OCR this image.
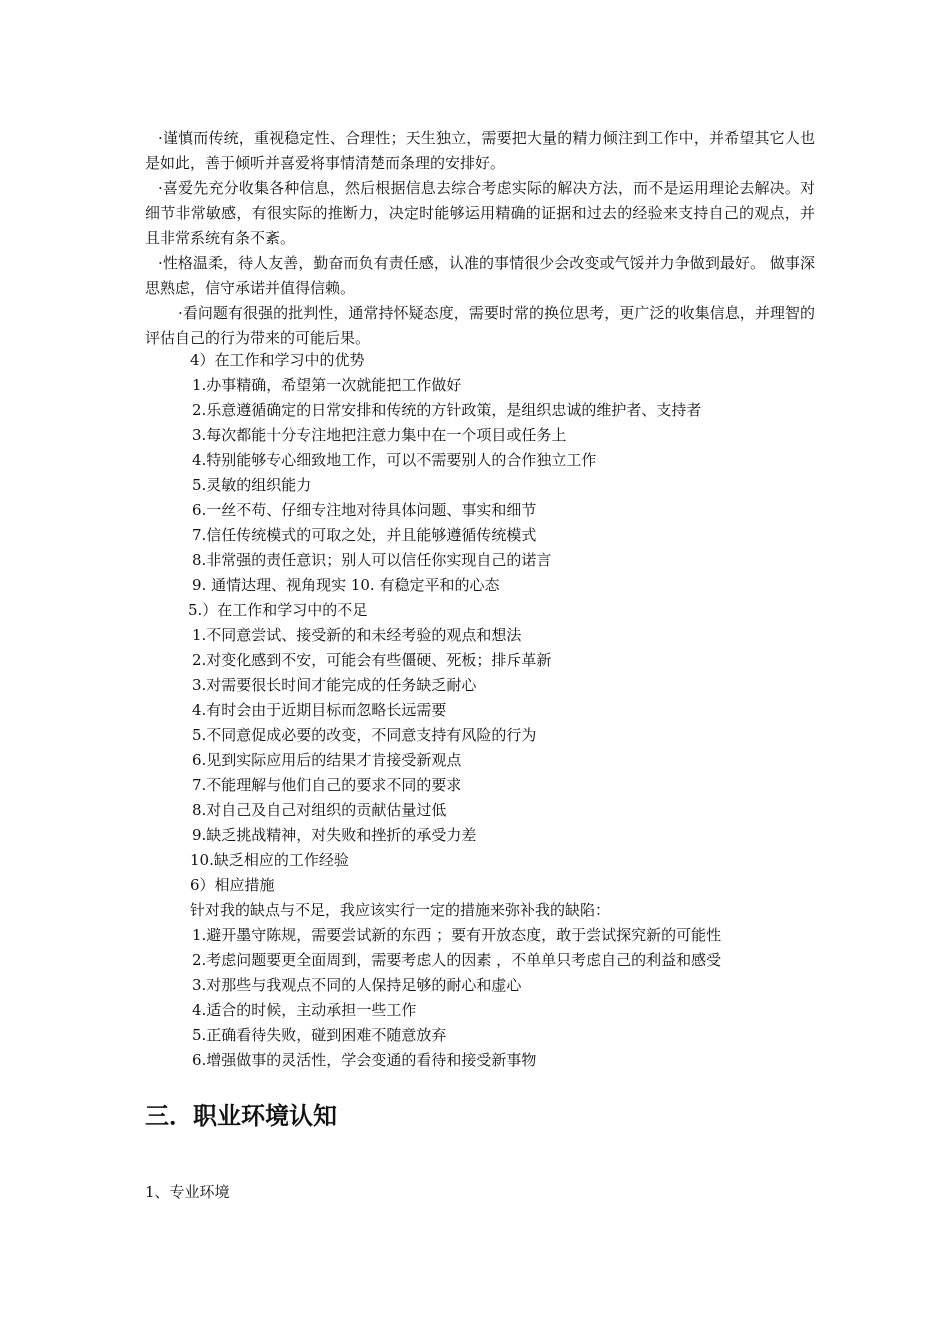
·谨慎而传统，重视稳定性、合理性；天生独立，需要把大量的精力倾注到工作中，并希望其它人也是如此，善于倾听并喜爱将事情清楚而条理的安排好。

·喜爱先充分收集各种信息，然后根据信息去综合考虑实际的解决方法，而不是运用理论去解决。对细节非常敏感，有很实际的推断力，决定时能够运用精确的证据和过去的经验来支持自己的观点，并且非常系统有条不紊。

·性格温柔，待人友善，勤奋而负有责任感，认准的事情很少会改变或气馁并力争做到最好。 做事深思熟虑，信守承诺并值得信赖。

·看问题有很强的批判性，通常持怀疑态度，需要时常的换位思考，更广泛的收集信息，并理智的评估自己的行为带来的可能后果。

4）在工作和学习中的优势

1.办事精确，希望第一次就能把工作做好

2.乐意遵循确定的日常安排和传统的方针政策，是组织忠诚的维护者、支持者

3.每次都能十分专注地把注意力集中在一个项目或任务上

4.特别能够专心细致地工作，可以不需要别人的合作独立工作

5.灵敏的组织能力

6.一丝不苟、仔细专注地对待具体问题、事实和细节

7.信任传统模式的可取之处，并且能够遵循传统模式

8.非常强的责任意识；别人可以信任你实现自己的诺言

9. 通情达理、视角现实 10. 有稳定平和的心态

5.）在工作和学习中的不足

1.不同意尝试、接受新的和未经考验的观点和想法

2.对变化感到不安，可能会有些僵硬、死板；排斥革新

3.对需要很长时间才能完成的任务缺乏耐心

4.有时会由于近期目标而忽略长远需要

5.不同意促成必要的改变，不同意支持有风险的行为

6.见到实际应用后的结果才肯接受新观点

7.不能理解与他们自己的要求不同的要求

8.对自己及自己对组织的贡献估量过低

9.缺乏挑战精神，对失败和挫折的承受力差

10.缺乏相应的工作经验

6）相应措施

针对我的缺点与不足，我应该实行一定的措施来弥补我的缺陷：

1.避开墨守陈规，需要尝试新的东西 ；要有开放态度，敢于尝试探究新的可能性

2.考虑问题要更全面周到，需要考虑人的因素 ，不单单只考虑自己的利益和感受

3.对那些与我观点不同的人保持足够的耐心和虚心

4.适合的时候，主动承担一些工作

5.正确看待失败，碰到困难不随意放弃

6.增强做事的灵活性，学会变通的看待和接受新事物

三．职业环境认知

1、专业环境
